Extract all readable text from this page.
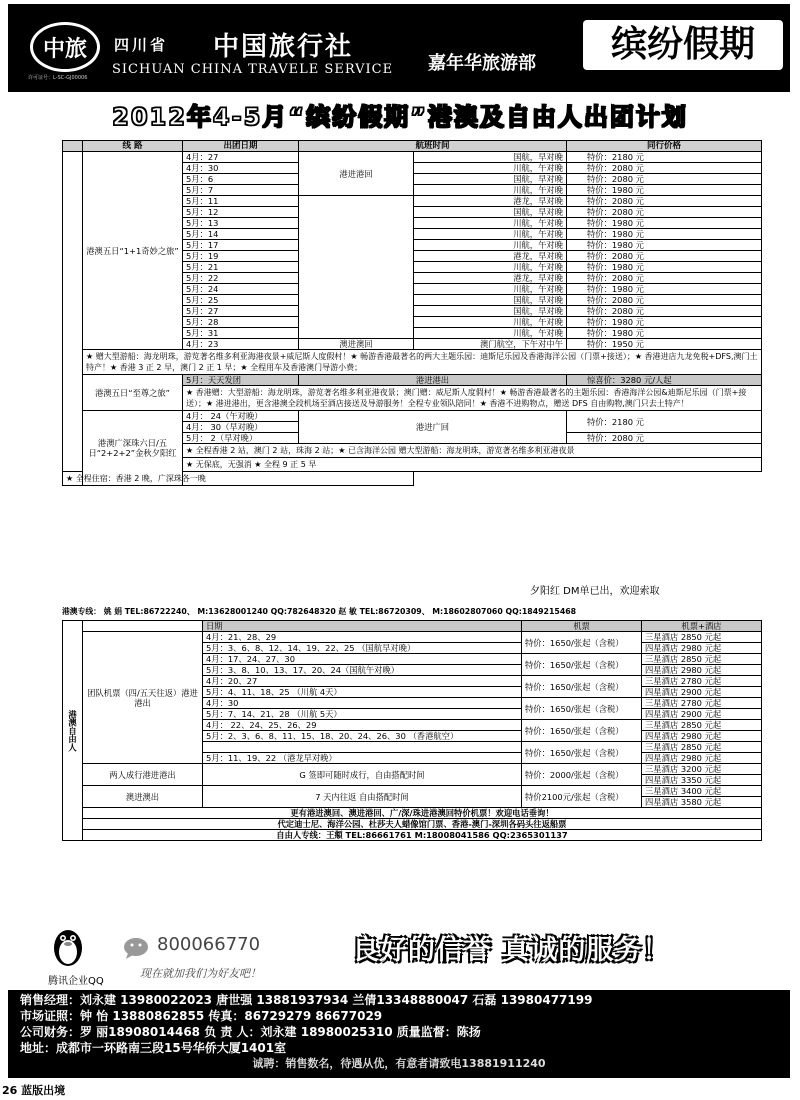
中旅
许可证号：L-SC-GJ00006
四川省 中国旅行社
SICHUAN CHINA TRAVELE SERVICE 嘉年华旅游部	缤纷假期
2012年4-5月“缤纷假期”港澳及自由人出团计划
	线 路	出团日期	航班时间		同行价格
	港澳五日“1+1奇妙之旅”	4月：27	港进港回	国航，早对晚	特价：2180 元
		4月：30		川航，午对晚	特价：2080 元
		5月：6		国航，早对晚	特价：2080 元
		5月：7		川航，午对晚	特价：1980 元
		5月：11		港龙，早对晚	特价：2080 元
		5月：12		国航，早对晚	特价：2080 元
		5月：13		川航，午对晚	特价：1980 元
		5月：14		川航，午对晚	特价：1980 元
		5月：17		川航，午对晚	特价：1980 元
		5月：19		港龙，早对晚	特价：2080 元
		5月：21		川航，午对晚	特价：1980 元
		5月：22		港龙，早对晚	特价：2080 元
		5月：24		川航，午对晚	特价：1980 元
		5月：25		国航，早对晚	特价：2080 元
		5月：27		国航，早对晚	特价：2080 元
		5月：28		川航，午对晚	特价：1980 元
		5月：31		川航，午对晚	特价：1980 元
		4月：23	澳进澳回	澳门航空，下午对中午	特价：1950 元
	★ 赠大型游船：海龙明珠，游览著名维多利亚海港夜景+威尼斯人度假村！★ 畅游香港最著名的两大主题乐园：迪斯尼乐园及香港海洋公园（门票+接送）；★ 香港进店九龙免税+DFS,澳门土特产！★ 香港 3 正 2 早，澳门 2 正 1 早；★ 全程用车及香港澳门导游小费；				
	港澳五日“至尊之旅”	5月：天天发团	港进港出		惊喜价：3280 元/人起
		★ 香港赠：大型游船：海龙明珠，游览著名维多利亚港夜景；澳门赠：威尼斯人度假村！★ 畅游香港最著名的主题乐园：香港海洋公园&迪斯尼乐园（门票+接送）；★ 港进港出，更含港澳全段机场至酒店接送及导游服务！全程专业领队陪同！★ 香港不进购物点，赠送 DFS 自由购物,澳门只去土特产！			
	港澳广深珠六日/五日“2+2+2”金秋夕阳红	4月： 24（午对晚）	港进广回		特价：2180 元
		4月： 30（早对晚）			
		5月： 2（早对晚）			特价：2080 元
		★ 全程香港 2 站，澳门 2 站，珠海 2 站；★ 已含海洋公园 赠大型游船：海龙明珠，游览著名维多利亚港夜景			
		★ 无保底，无强消 ★ 全程 9 正 5 早			
★ 全程住宿：香港 2 晚，广深珠各一晚					
夕阳红 DM单已出，欢迎索取
港澳专线： 姚 娟 TEL:86722240、 M:13628001240 QQ:782648320 赵 敏 TEL:86720309、 M:18602807060 QQ:1849215468
港澳自由人		日期	机票	机票+酒店
	团队机票（四/五天往返）港进港出	4月：21、28、29	特价：1650/张起（含税）	三星酒店 2850 元起
		5月：3、6、8、12、14、19、22、25 （国航早对晚）		四星酒店 2980 元起
		4月：17、24、27、30	特价：1650/张起（含税）	三星酒店 2850 元起
		5月：3、8、10、13、17、20、24（国航午对晚）		四星酒店 2980 元起
		4月：20、27	特价：1650/张起（含税）	三星酒店 2780 元起
		5月：4、11、18、25 （川航 4天）		四星酒店 2900 元起
		4月：30	特价：1650/张起（含税）	三星酒店 2780 元起
		5月：7、14、21、28 （川航 5天）		四星酒店 2900 元起
		4月： 22、24、25、26、29	特价：1650/张起（含税）	三星酒店 2850 元起
		5月：2、3、6、8、11、15、18、20、24、26、30 （香港航空）		四星酒店 2980 元起
			特价：1650/张起（含税）	三星酒店 2850 元起
		5月：11、19、22 （港龙早对晚）		四星酒店 2980 元起
	两人成行港进港出	G 签即可随时成行，自由搭配时间	特价：2000/张起（含税）	三星酒店 3200 元起
				四星酒店 3350 元起
	澳进澳出	7 天内往返 自由搭配时间	特价2100元/张起（含税）	三星酒店 3400 元起
				四星酒店 3580 元起
	更有港进澳回、澳进港回、广/深/珠进港澳回特价机票！欢迎电话垂询！			
	代定迪士尼、海洋公园、杜莎夫人蜡像馆门票、香港-澳门-深圳各码头往返船票			
	自由人专线：王頫 TEL:86661761 M:18008041586 QQ:2365301137			
腾讯企业QQ
800066770
现在就加我们为好友吧！
良好的信誉 真诚的服务！
销售经理：刘永建 13980022023 唐世强 13881937934 兰倩13348880047 石磊 13980477199
市场证照：钟 怡 13880862855 传真：86729279 86677029
公司财务：罗 丽18908014468 负 责 人：刘永建 18980025310 质量监督：陈扬
地址：成都市一环路南三段15号华侨大厦1401室
诚聘：销售数名，待遇从优，有意者请致电13881911240
26 蓝版出境
